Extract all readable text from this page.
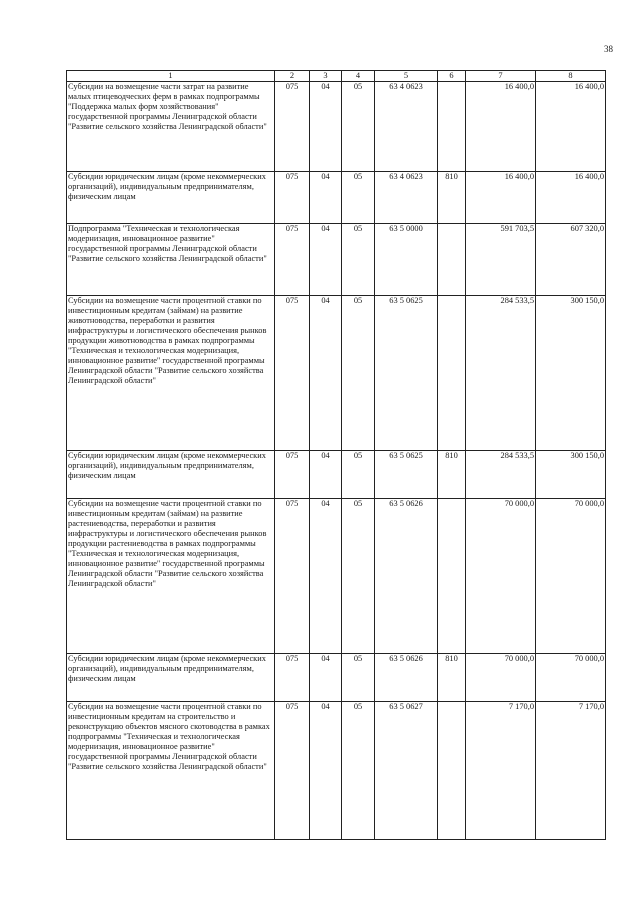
38
1	2	3	4	5	6	7	8
Субсидии на возмещение части затрат на развитие малых птицеводческих ферм в рамках подпрограммы "Поддержка малых форм хозяйствования" государственной программы Ленинградской области "Развитие сельского хозяйства Ленинградской области"	075	04	05	63 4 0623		16 400,0	16 400,0
Субсидии юридическим лицам (кроме некоммерческих организаций), индивидуальным предпринимателям, физическим лицам	075	04	05	63 4 0623	810	16 400,0	16 400,0
Подпрограмма "Техническая и технологическая модернизация, инновационное развитие" государственной программы Ленинградской области "Развитие сельского хозяйства Ленинградской области"	075	04	05	63 5 0000		591 703,5	607 320,0
Субсидии на возмещение части процентной ставки по инвестиционным кредитам (займам) на развитие животноводства, переработки и развития инфраструктуры и логистического обеспечения рынков продукции животноводства в рамках подпрограммы "Техническая и технологическая модернизация, инновационное развитие" государственной программы Ленинградской области "Развитие сельского хозяйства Ленинградской области"	075	04	05	63 5 0625		284 533,5	300 150,0
Субсидии юридическим лицам (кроме некоммерческих организаций), индивидуальным предпринимателям, физическим лицам	075	04	05	63 5 0625	810	284 533,5	300 150,0
Субсидии на возмещение части процентной ставки по инвестиционным кредитам (займам) на развитие растениеводства, переработки и развития инфраструктуры и логистического обеспечения рынков продукции растениеводства в рамках подпрограммы "Техническая и технологическая модернизация, инновационное развитие" государственной программы Ленинградской области "Развитие сельского хозяйства Ленинградской области"	075	04	05	63 5 0626		70 000,0	70 000,0
Субсидии юридическим лицам (кроме некоммерческих организаций), индивидуальным предпринимателям, физическим лицам	075	04	05	63 5 0626	810	70 000,0	70 000,0
Субсидии на возмещение части процентной ставки по инвестиционным кредитам на строительство и реконструкцию объектов мясного скотоводства в рамках подпрограммы "Техническая и технологическая модернизация, инновационное развитие" государственной программы Ленинградской области "Развитие сельского хозяйства Ленинградской области"	075	04	05	63 5 0627		7 170,0	7 170,0
